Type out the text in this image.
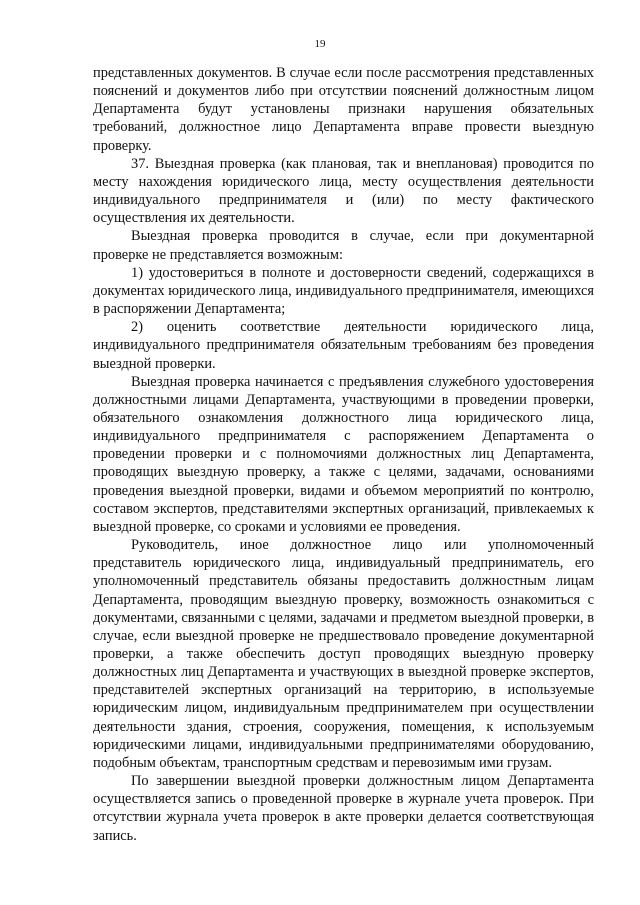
19

представленных документов. В случае если после рассмотрения представленных пояснений и документов либо при отсутствии пояснений должностным лицом Департамента будут установлены признаки нарушения обязательных требований, должностное лицо Департамента вправе провести выездную проверку.

37. Выездная проверка (как плановая, так и внеплановая) проводится по месту нахождения юридического лица, месту осуществления деятельности индивидуального предпринимателя и (или) по месту фактического осуществления их деятельности.

Выездная проверка проводится в случае, если при документарной проверке не представляется возможным:

1) удостовериться в полноте и достоверности сведений, содержащихся в документах юридического лица, индивидуального предпринимателя, имеющихся в распоряжении Департамента;

2) оценить соответствие деятельности юридического лица, индивидуального предпринимателя обязательным требованиям без проведения выездной проверки.

Выездная проверка начинается с предъявления служебного удостоверения должностными лицами Департамента, участвующими в проведении проверки, обязательного ознакомления должностного лица юридического лица, индивидуального предпринимателя с распоряжением Департамента о проведении проверки и с полномочиями должностных лиц Департамента, проводящих выездную проверку, а также с целями, задачами, основаниями проведения выездной проверки, видами и объемом мероприятий по контролю, составом экспертов, представителями экспертных организаций, привлекаемых к выездной проверке, со сроками и условиями ее проведения.

Руководитель, иное должностное лицо или уполномоченный представитель юридического лица, индивидуальный предприниматель, его уполномоченный представитель обязаны предоставить должностным лицам Департамента, проводящим выездную проверку, возможность ознакомиться с документами, связанными с целями, задачами и предметом выездной проверки, в случае, если выездной проверке не предшествовало проведение документарной проверки, а также обеспечить доступ проводящих выездную проверку должностных лиц Департамента и участвующих в выездной проверке экспертов, представителей экспертных организаций на территорию, в используемые юридическим лицом, индивидуальным предпринимателем при осуществлении деятельности здания, строения, сооружения, помещения, к используемым юридическими лицами, индивидуальными предпринимателями оборудованию, подобным объектам, транспортным средствам и перевозимым ими грузам.

По завершении выездной проверки должностным лицом Департамента осуществляется запись о проведенной проверке в журнале учета проверок. При отсутствии журнала учета проверок в акте проверки делается соответствующая запись.
